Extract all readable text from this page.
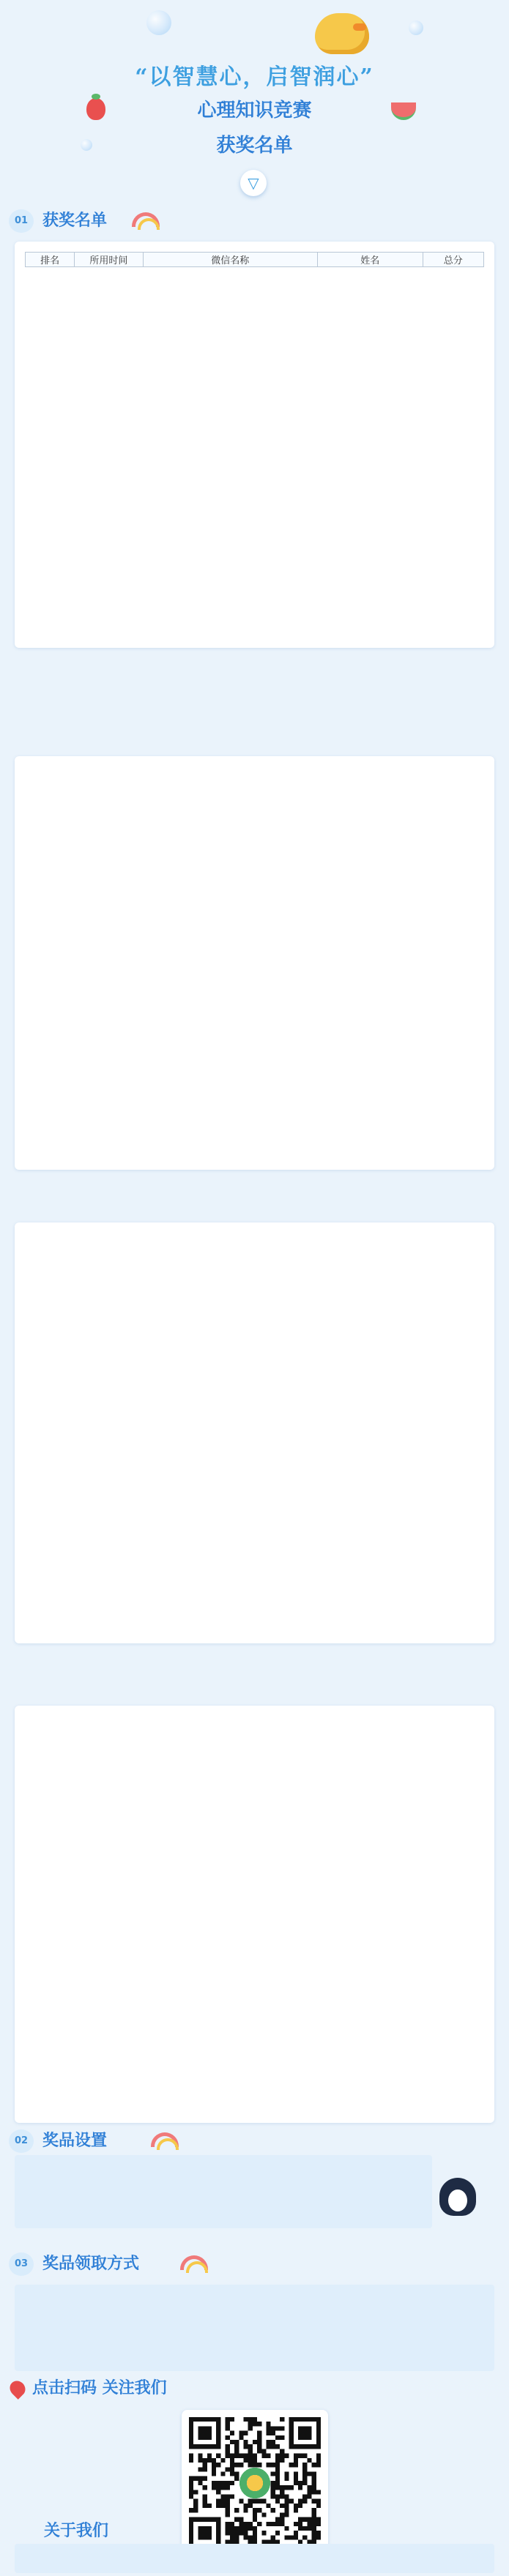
“以智慧心，启智润心”
心理知识竞赛
获奖名单
▽
01 获奖名单
排名	所用时间	微信名称	姓名	总分
02 奖品设置
03 奖品领取方式
点击扫码 关注我们
关于我们
